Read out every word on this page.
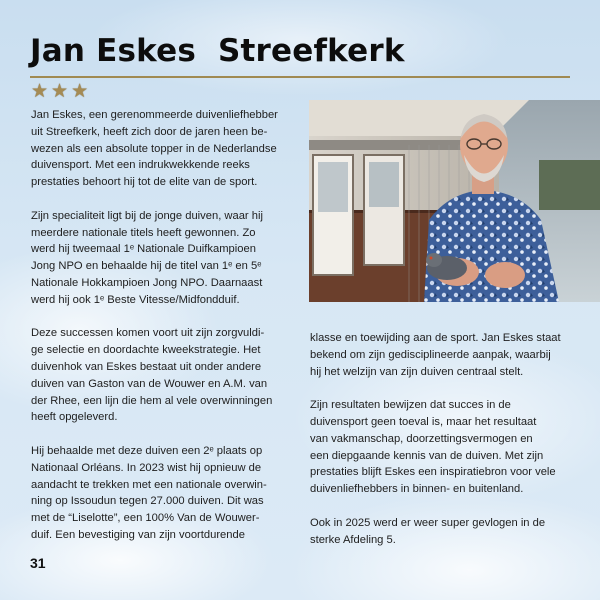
Jan Eskes  Streefkerk
★★★

Jan Eskes, een gerenommeerde duivenliefhebber
uit Streefkerk, heeft zich door de jaren heen be-
wezen als een absolute topper in de Nederlandse
duivensport. Met een indrukwekkende reeks
prestaties behoort hij tot de elite van de sport.

Zijn specialiteit ligt bij de jonge duiven, waar hij
meerdere nationale titels heeft gewonnen. Zo
werd hij tweemaal 1ᵉ Nationale Duifkampioen
Jong NPO en behaalde hij de titel van 1ᵉ en 5ᵉ
Nationale Hokkampioen Jong NPO. Daarnaast
werd hij ook 1ᵉ Beste Vitesse/Midfondduif.

Deze successen komen voort uit zijn zorgvuldi-
ge selectie en doordachte kweekstrategie. Het
duivenhok van Eskes bestaat uit onder andere
duiven van Gaston van de Wouwer en A.M. van
der Rhee, een lijn die hem al vele overwinningen
heeft opgeleverd.

Hij behaalde met deze duiven een 2ᵉ plaats op
Nationaal Orléans. In 2023 wist hij opnieuw de
aandacht te trekken met een nationale overwin-
ning op Issoudun tegen 27.000 duiven. Dit was
met de “Liselotte”, een 100% Van de Wouwer-
duif. Een bevestiging van zijn voortdurende

klasse en toewijding aan de sport. Jan Eskes staat
bekend om zijn gedisciplineerde aanpak, waarbij
hij het welzijn van zijn duiven centraal stelt.

Zijn resultaten bewijzen dat succes in de
duivensport geen toeval is, maar het resultaat
van vakmanschap, doorzettingsvermogen en
een diepgaande kennis van de duiven. Met zijn
prestaties blijft Eskes een inspiratiebron voor vele
duivenliefhebbers in binnen- en buitenland.

Ook in 2025 werd er weer super gevlogen in de
sterke Afdeling 5.

31
